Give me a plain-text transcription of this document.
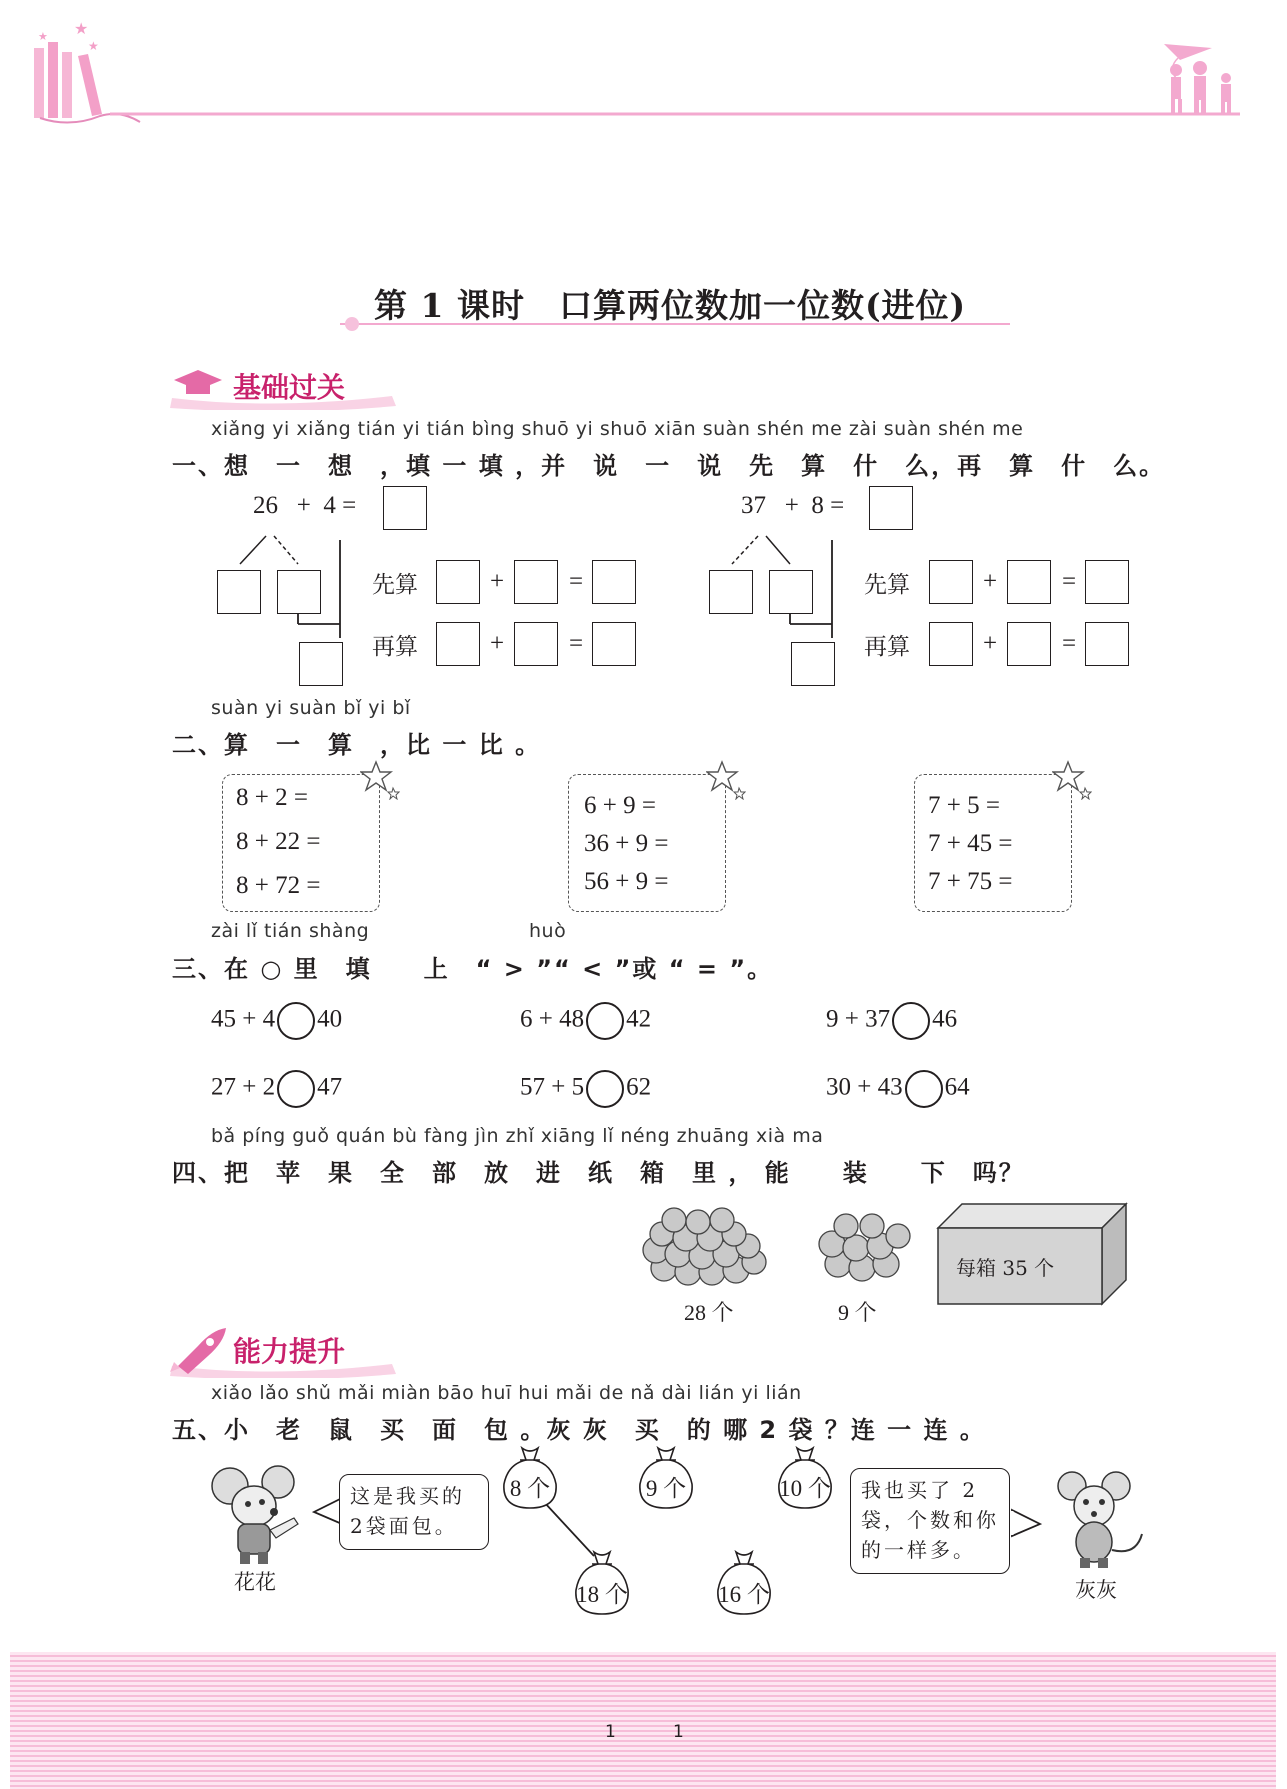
★
★
★
第 1 课时　口算两位数加一位数(进位)
基础过关
xiǎng yi xiǎng tián yi tián bìng shuō yi shuō xiān suàn shén me zài suàn shén me
一、想　一　想　，填 一 填 ，并　说　一　说　先　算　什　么，再　算　什　么。
26 + 4 =
先算	+	=
再算	+	=
37 + 8 =
先算	+	=
再算	+	=
suàn yi suàn bǐ yi bǐ
二、算　一　算　，比 一 比 。
8 + 2 =
8 + 22 =
8 + 72 =
6 + 9 =
36 + 9 =
56 + 9 =
7 + 5 =
7 + 45 =
7 + 75 =
zài lǐ tián shàng	huò
三、在 ○ 里　填　　上　“ > ”“ < ”或 “ = ”。
45 + 4 40	6 + 48 42	9 + 37 46
27 + 2 47	57 + 5 62	30 + 43 64
bǎ píng guǒ quán bù fàng jìn zhǐ xiāng lǐ néng zhuāng xià ma
四、把　苹　果　全　部　放　进　纸　箱　里 ， 能　　装　　下　吗？
28 个	9 个
每箱 35 个
能力提升
xiǎo lǎo shǔ mǎi miàn bāo huī hui mǎi de nǎ dài lián yi lián
五、小　老　鼠　买　面　包 。灰 灰　买　的 哪 2 袋 ？连 一 连 。
花花
这是我买的2袋面包。
灰灰
我也买了 2 袋，个数和你的一样多。
8 个	9 个	10 个
18 个	16 个
1	1
